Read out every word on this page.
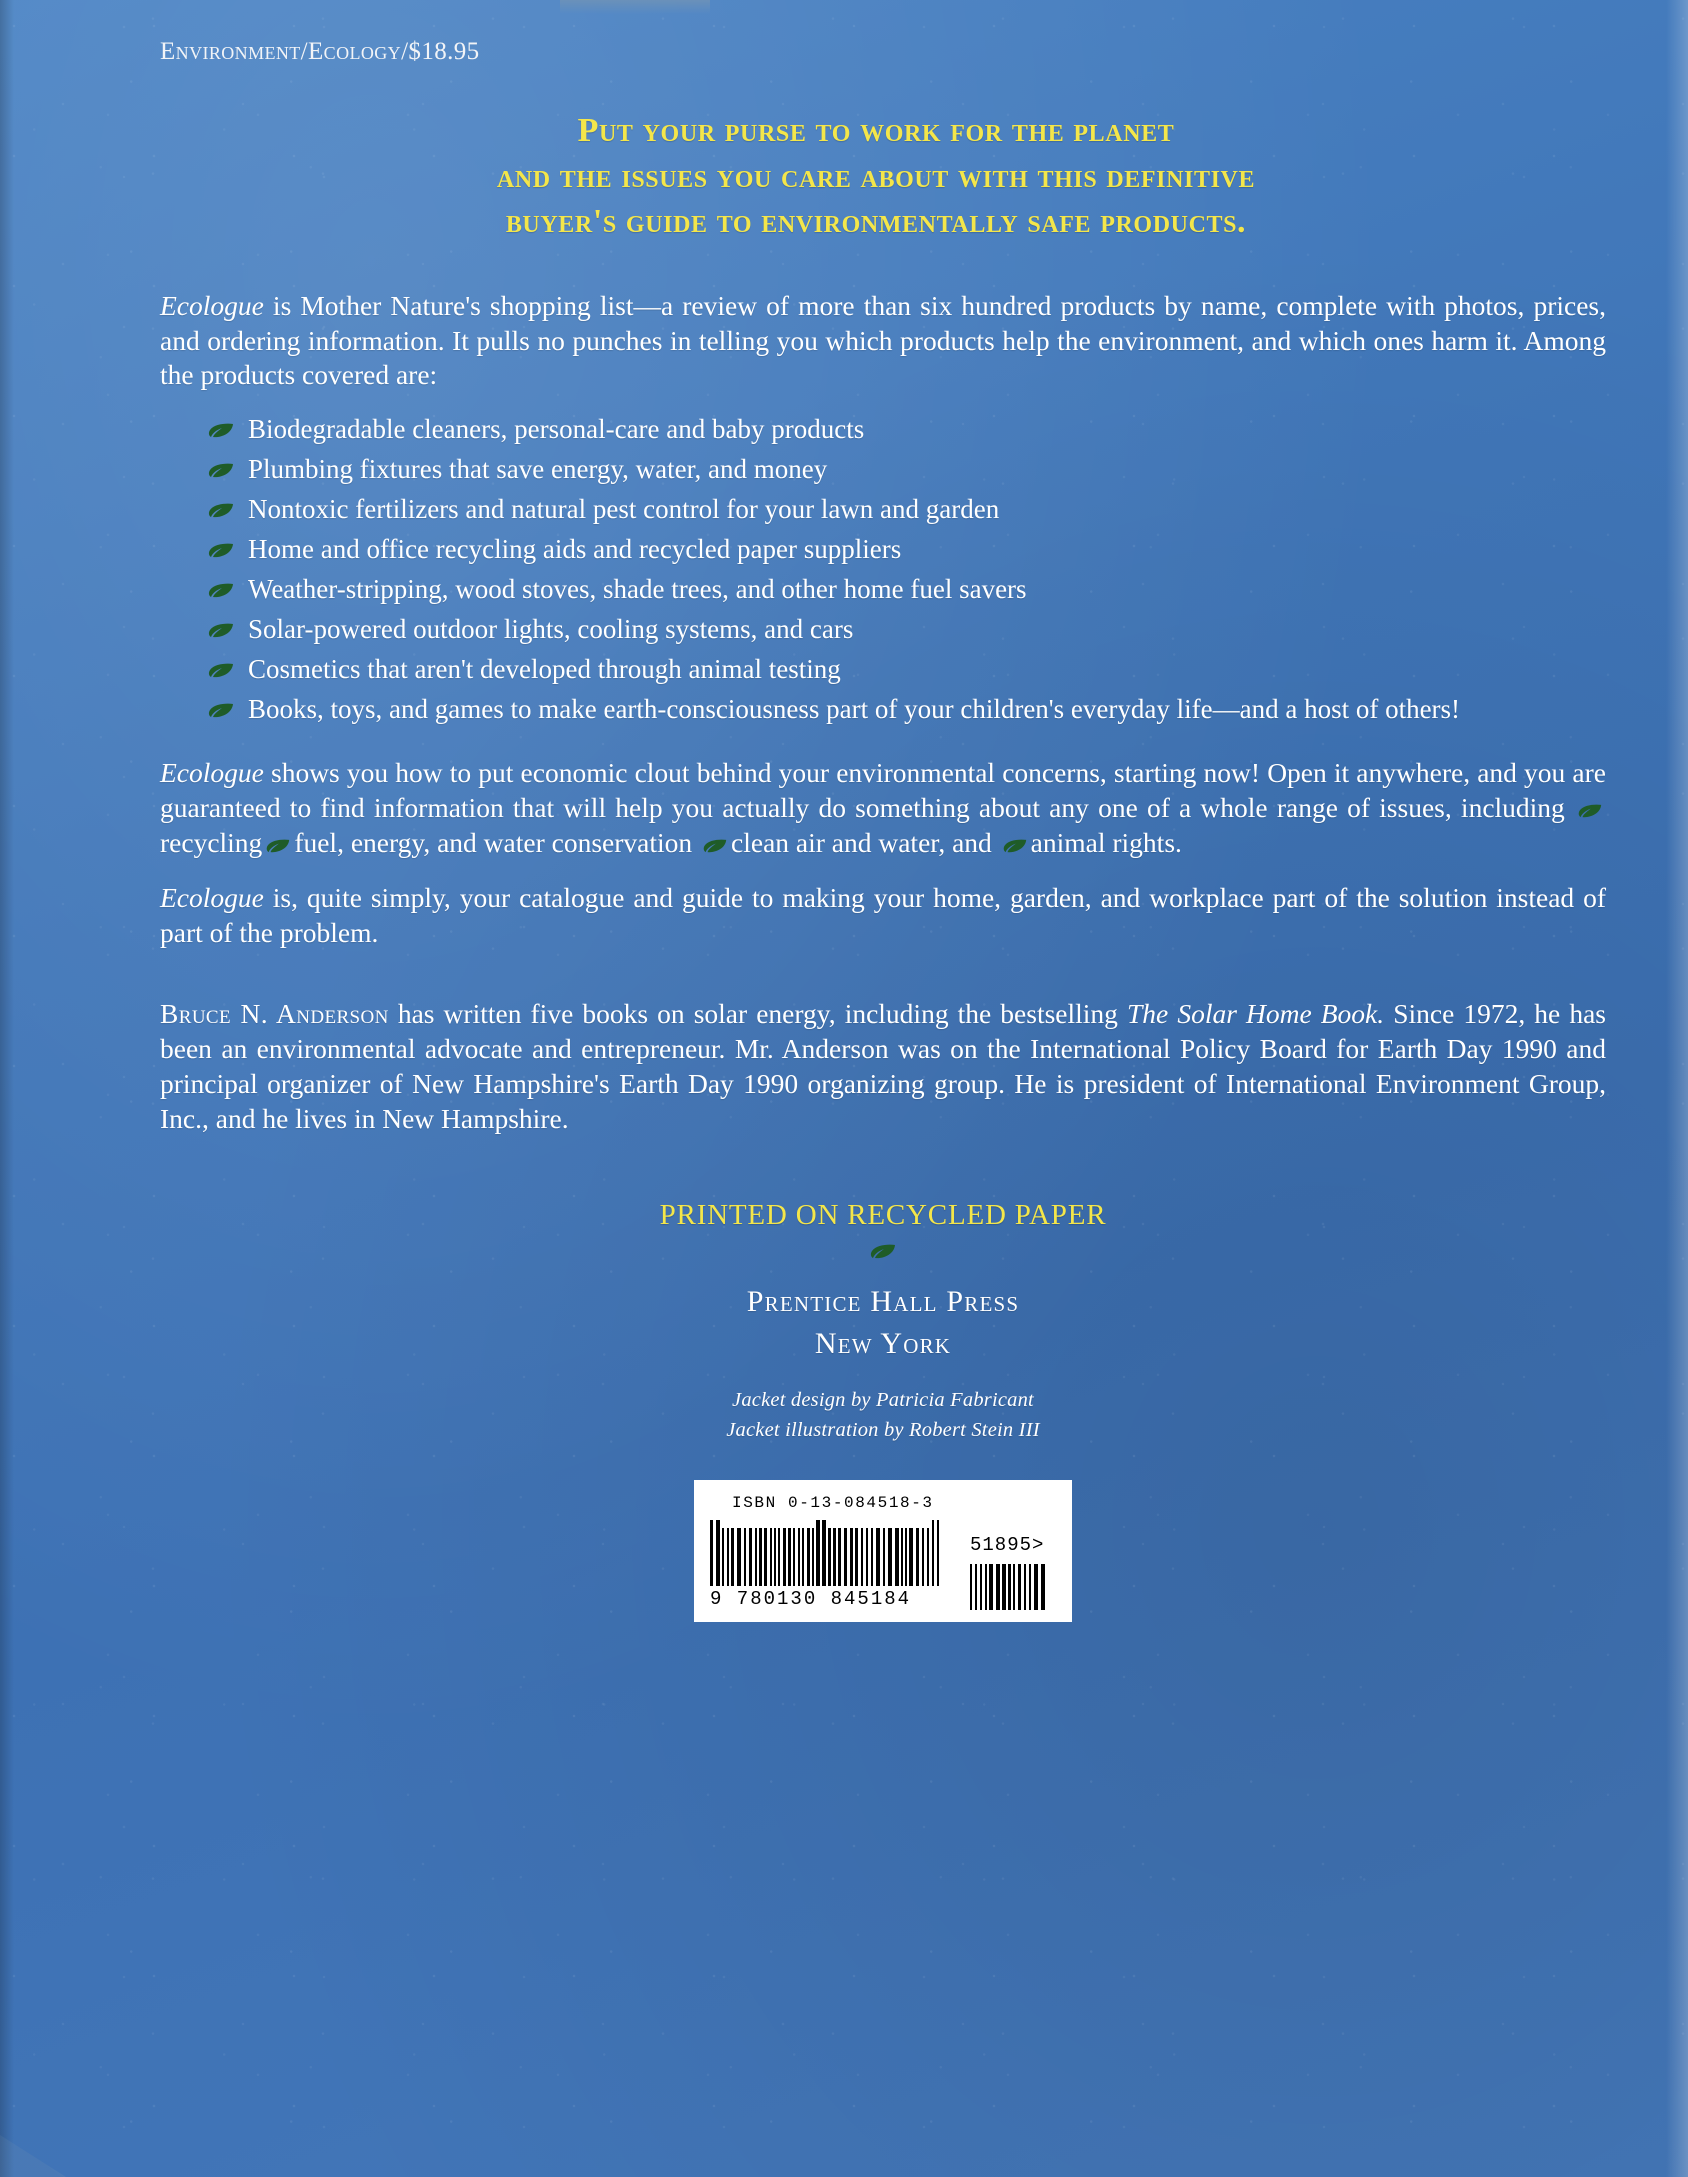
Environment/Ecology/$18.95
Put your purse to work for the planet
and the issues you care about with this definitive
buyer's guide to environmentally safe products.

Ecologue is Mother Nature's shopping list—a review of more than six hundred products by name, complete with photos, prices, and ordering information. It pulls no punches in telling you which products help the environment, and which ones harm it. Among the products covered are:

Biodegradable cleaners, personal-care and baby products
Plumbing fixtures that save energy, water, and money
Nontoxic fertilizers and natural pest control for your lawn and garden
Home and office recycling aids and recycled paper suppliers
Weather-stripping, wood stoves, shade trees, and other home fuel savers
Solar-powered outdoor lights, cooling systems, and cars
Cosmetics that aren't developed through animal testing
Books, toys, and games to make earth-consciousness part of your children's everyday life—and a host of others!

Ecologue shows you how to put economic clout behind your environmental concerns, starting now! Open it anywhere, and you are guaranteed to find information that will help you actually do something about any one of a whole range of issues, including recycling fuel, energy, and water conservation clean air and water, and animal rights.

Ecologue is, quite simply, your catalogue and guide to making your home, garden, and workplace part of the solution instead of part of the problem.

Bruce N. Anderson has written five books on solar energy, including the bestselling The Solar Home Book. Since 1972, he has been an environmental advocate and entrepreneur. Mr. Anderson was on the International Policy Board for Earth Day 1990 and principal organizer of New Hampshire's Earth Day 1990 organizing group. He is president of International Environment Group, Inc., and he lives in New Hampshire.

PRINTED ON RECYCLED PAPER
Prentice Hall Press
New York
Jacket design by Patricia Fabricant
Jacket illustration by Robert Stein III
ISBN 0-13-084518-3
9 780130 845184
51895>
